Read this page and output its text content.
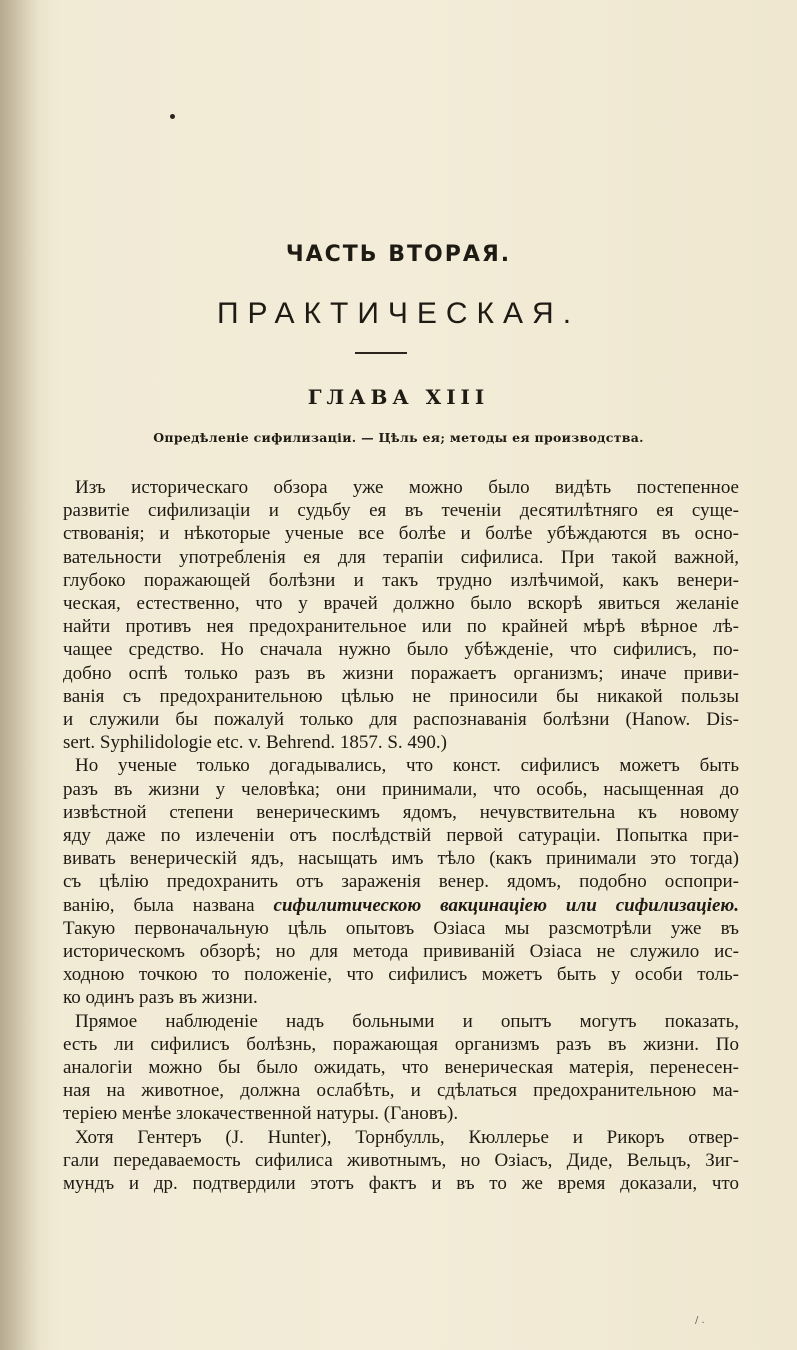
ЧАСТЬ ВТОРАЯ.
ПРАКТИЧЕСКАЯ.
ГЛАВА XIII
Опредѣленіе сифилизаціи. — Цѣль ея; методы ея производства.
Изъ историческаго обзора уже можно было видѣть постепенное
развитіе сифилизаціи и судьбу ея въ теченіи десятилѣтняго ея суще-
ствованія; и нѣкоторые ученые все болѣе и болѣе убѣждаются въ осно-
вательности употребленія ея для терапіи сифилиса. При такой важной,
глубоко поражающей болѣзни и такъ трудно излѣчимой, какъ венери-
ческая, естественно, что у врачей должно было вскорѣ явиться желаніе
найти противъ нея предохранительное или по крайней мѣрѣ вѣрное лѣ-
чащее средство. Но сначала нужно было убѣжденіе, что сифилисъ, по-
добно оспѣ только разъ въ жизни поражаетъ организмъ; иначе приви-
ванія съ предохранительною цѣлью не приносили бы никакой пользы
и служили бы пожалуй только для распознаванія болѣзни (Hanow. Dis-
sert. Syphilidologie etc. v. Behrend. 1857. S. 490.)
Но ученые только догадывались, что конст. сифилисъ можетъ быть
разъ въ жизни у человѣка; они принимали, что особь, насыщенная до
извѣстной степени венерическимъ ядомъ, нечувствительна къ новому
яду даже по излеченіи отъ послѣдствій первой сатураціи. Попытка при-
вивать венерическій ядъ, насыщать имъ тѣло (какъ принимали это тогда)
съ цѣлію предохранить отъ зараженія венер. ядомъ, подобно оспопри-
ванію, была названа сифилитическою вакцинаціею или сифилизаціею.
Такую первоначальную цѣль опытовъ Озіаса мы разсмотрѣли уже въ
историческомъ обзорѣ; но для метода прививаній Озіаса не служило ис-
ходною точкою то положеніе, что сифилисъ можетъ быть у особи толь-
ко одинъ разъ въ жизни.
Прямое наблюденіе надъ больными и опытъ могутъ показать,
есть ли сифилисъ болѣзнь, поражающая организмъ разъ въ жизни. По
аналогіи можно бы было ожидать, что венерическая матерія, перенесен-
ная на животное, должна ослабѣть, и сдѣлаться предохранительною ма-
теріею менѣе злокачественной натуры. (Гановъ).
Хотя Гентеръ (J. Hunter), Торнбулль, Кюллерье и Рикоръ отвер-
гали передаваемость сифилиса животнымъ, но Озіасъ, Диде, Вельцъ, Зиг-
мундъ и др. подтвердили этотъ фактъ и въ то же время доказали, что
/ .
